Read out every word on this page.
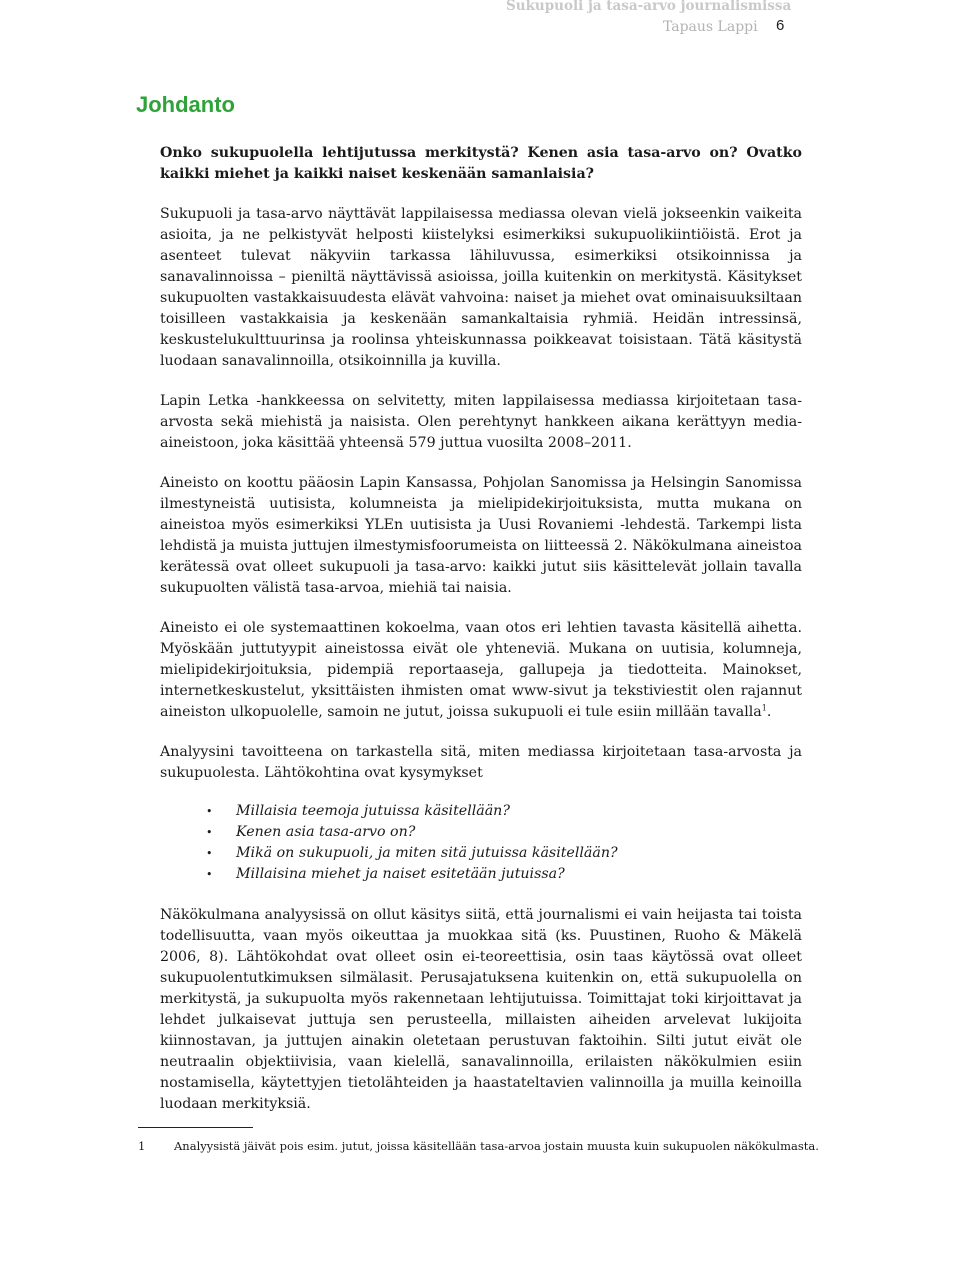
Sukupuoli ja tasa-arvo journalismissa
Tapaus Lappi 6
Johdanto

Onko sukupuolella lehtijutussa merkitystä? Kenen asia tasa-arvo on? Ovatko kaikki miehet ja kaikki naiset keskenään samanlaisia?

Sukupuoli ja tasa-arvo näyttävät lappilaisessa mediassa olevan vielä jokseenkin vaikeita asioita, ja ne pelkistyvät helposti kiistelyksi esimerkiksi sukupuolikiintiöistä. Erot ja asenteet tulevat näkyviin tarkassa lähiluvussa, esimerkiksi otsikoinnissa ja sanavalinnoissa – pieniltä näyttävissä asioissa, joilla kuitenkin on merkitystä. Käsitykset sukupuolten vastakkaisuudesta elävät vahvoina: naiset ja miehet ovat ominaisuuksiltaan toisilleen vastakkaisia ja keskenään samankaltaisia ryhmiä. Heidän intressinsä, keskustelukulttuurinsa ja roolinsa yhteiskunnassa poikkeavat toisistaan. Tätä käsitystä luodaan sanavalinnoilla, otsikoinnilla ja kuvilla.

Lapin Letka -hankkeessa on selvitetty, miten lappilaisessa mediassa kirjoitetaan tasa-arvosta sekä miehistä ja naisista. Olen perehtynyt hankkeen aikana kerättyyn media-aineistoon, joka käsittää yhteensä 579 juttua vuosilta 2008–2011.

Aineisto on koottu pääosin Lapin Kansassa, Pohjolan Sanomissa ja Helsingin Sanomissa ilmestyneistä uutisista, kolumneista ja mielipidekirjoituksista, mutta mukana on aineistoa myös esimerkiksi YLEn uutisista ja Uusi Rovaniemi -lehdestä. Tarkempi lista lehdistä ja muista juttujen ilmestymisfoorumeista on liitteessä 2. Näkökulmana aineistoa kerätessä ovat olleet sukupuoli ja tasa-arvo: kaikki jutut siis käsittelevät jollain tavalla sukupuolten välistä tasa-arvoa, miehiä tai naisia.

Aineisto ei ole systemaattinen kokoelma, vaan otos eri lehtien tavasta käsitellä aihetta. Myöskään juttutyypit aineistossa eivät ole yhteneviä. Mukana on uutisia, kolumneja, mielipidekirjoituksia, pidempiä reportaaseja, gallupeja ja tiedotteita. Mainokset, internetkeskustelut, yksittäisten ihmisten omat www-sivut ja tekstiviestit olen rajannut aineiston ulkopuolelle, samoin ne jutut, joissa sukupuoli ei tule esiin millään tavalla$^1$.

Analyysini tavoitteena on tarkastella sitä, miten mediassa kirjoitetaan tasa-arvosta ja sukupuolesta. Lähtökohtina ovat kysymykset

• Millaisia teemoja jutuissa käsitellään?
• Kenen asia tasa-arvo on?
• Mikä on sukupuoli, ja miten sitä jutuissa käsitellään?
• Millaisina miehet ja naiset esitetään jutuissa?

Näkökulmana analyysissä on ollut käsitys siitä, että journalismi ei vain heijasta tai toista todellisuutta, vaan myös oikeuttaa ja muokkaa sitä (ks. Puustinen, Ruoho & Mäkelä 2006, 8). Lähtökohdat ovat olleet osin ei-teoreettisia, osin taas käytössä ovat olleet sukupuolentutkimuksen silmälasit. Perusajatuksena kuitenkin on, että sukupuolella on merkitystä, ja sukupuolta myös rakennetaan lehtijutuissa. Toimittajat toki kirjoittavat ja lehdet julkaisevat juttuja sen perusteella, millaisten aiheiden arvelevat lukijoita kiinnostavan, ja juttujen ainakin oletetaan perustuvan faktoihin. Silti jutut eivät ole neutraalin objektiivisia, vaan kielellä, sanavalinnoilla, erilaisten näkökulmien esiin nostamisella, käytettyjen tietolähteiden ja haastateltavien valinnoilla ja muilla keinoilla luodaan merkityksiä.

1 Analyysistä jäivät pois esim. jutut, joissa käsitellään tasa-arvoa jostain muusta kuin sukupuolen näkökulmasta.
